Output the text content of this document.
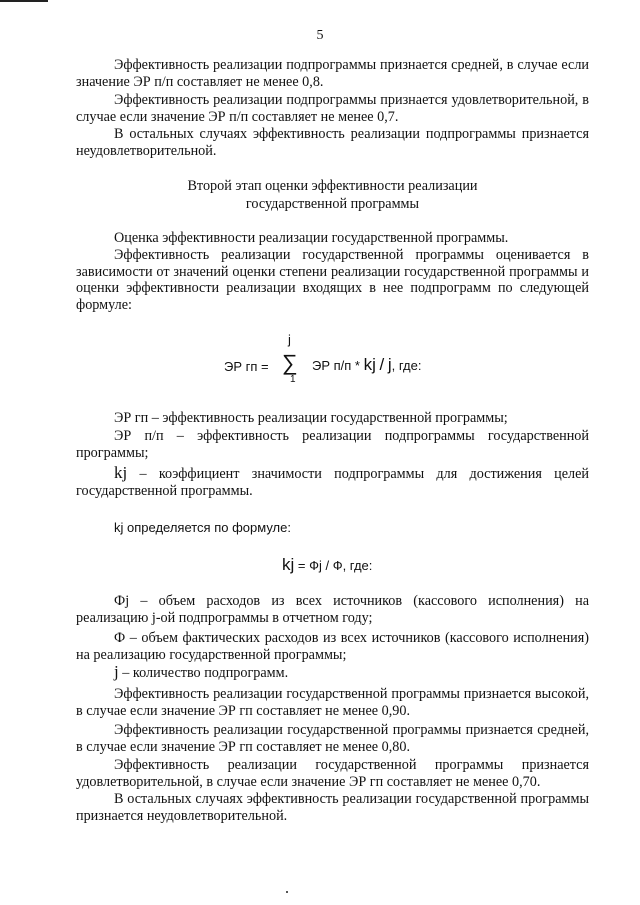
5

Эффективность реализации подпрограммы признается средней, в случае если значение ЭР п/п составляет не менее 0,8.

Эффективность реализации подпрограммы признается удовлетворительной, в случае если значение ЭР п/п составляет не менее 0,7.

В остальных случаях эффективность реализации подпрограммы признается неудовлетворительной.

Второй этап оценки эффективности реализации
государственной программы

Оценка эффективности реализации государственной программы.

Эффективность реализации государственной программы оценивается в зависимости от значений оценки степени реализации государственной программы и оценки эффективности реализации входящих в нее подпрограмм по следующей формуле:

ЭР гп =
j
∑
1
ЭР п/п * kj / j, где:

ЭР гп – эффективность реализации государственной программы;

ЭР п/п – эффективность реализации подпрограммы государственной программы;

kj – коэффициент значимости подпрограммы для достижения целей государственной программы.

kj определяется по формуле:

kj = Фj / Ф, где:

Фj – объем расходов из всех источников (кассового исполнения) на реализацию j-ой подпрограммы в отчетном году;

Ф – объем фактических расходов из всех источников (кассового исполнения) на реализацию государственной программы;

j – количество подпрограмм.

Эффективность реализации государственной программы признается высокой, в случае если значение ЭР гп составляет не менее 0,90.

Эффективность реализации государственной программы признается средней, в случае если значение ЭР гп составляет не менее 0,80.

Эффективность реализации государственной программы признается удовлетворительной, в случае если значение ЭР гп составляет не менее 0,70.

В остальных случаях эффективность реализации государственной программы признается неудовлетворительной.
